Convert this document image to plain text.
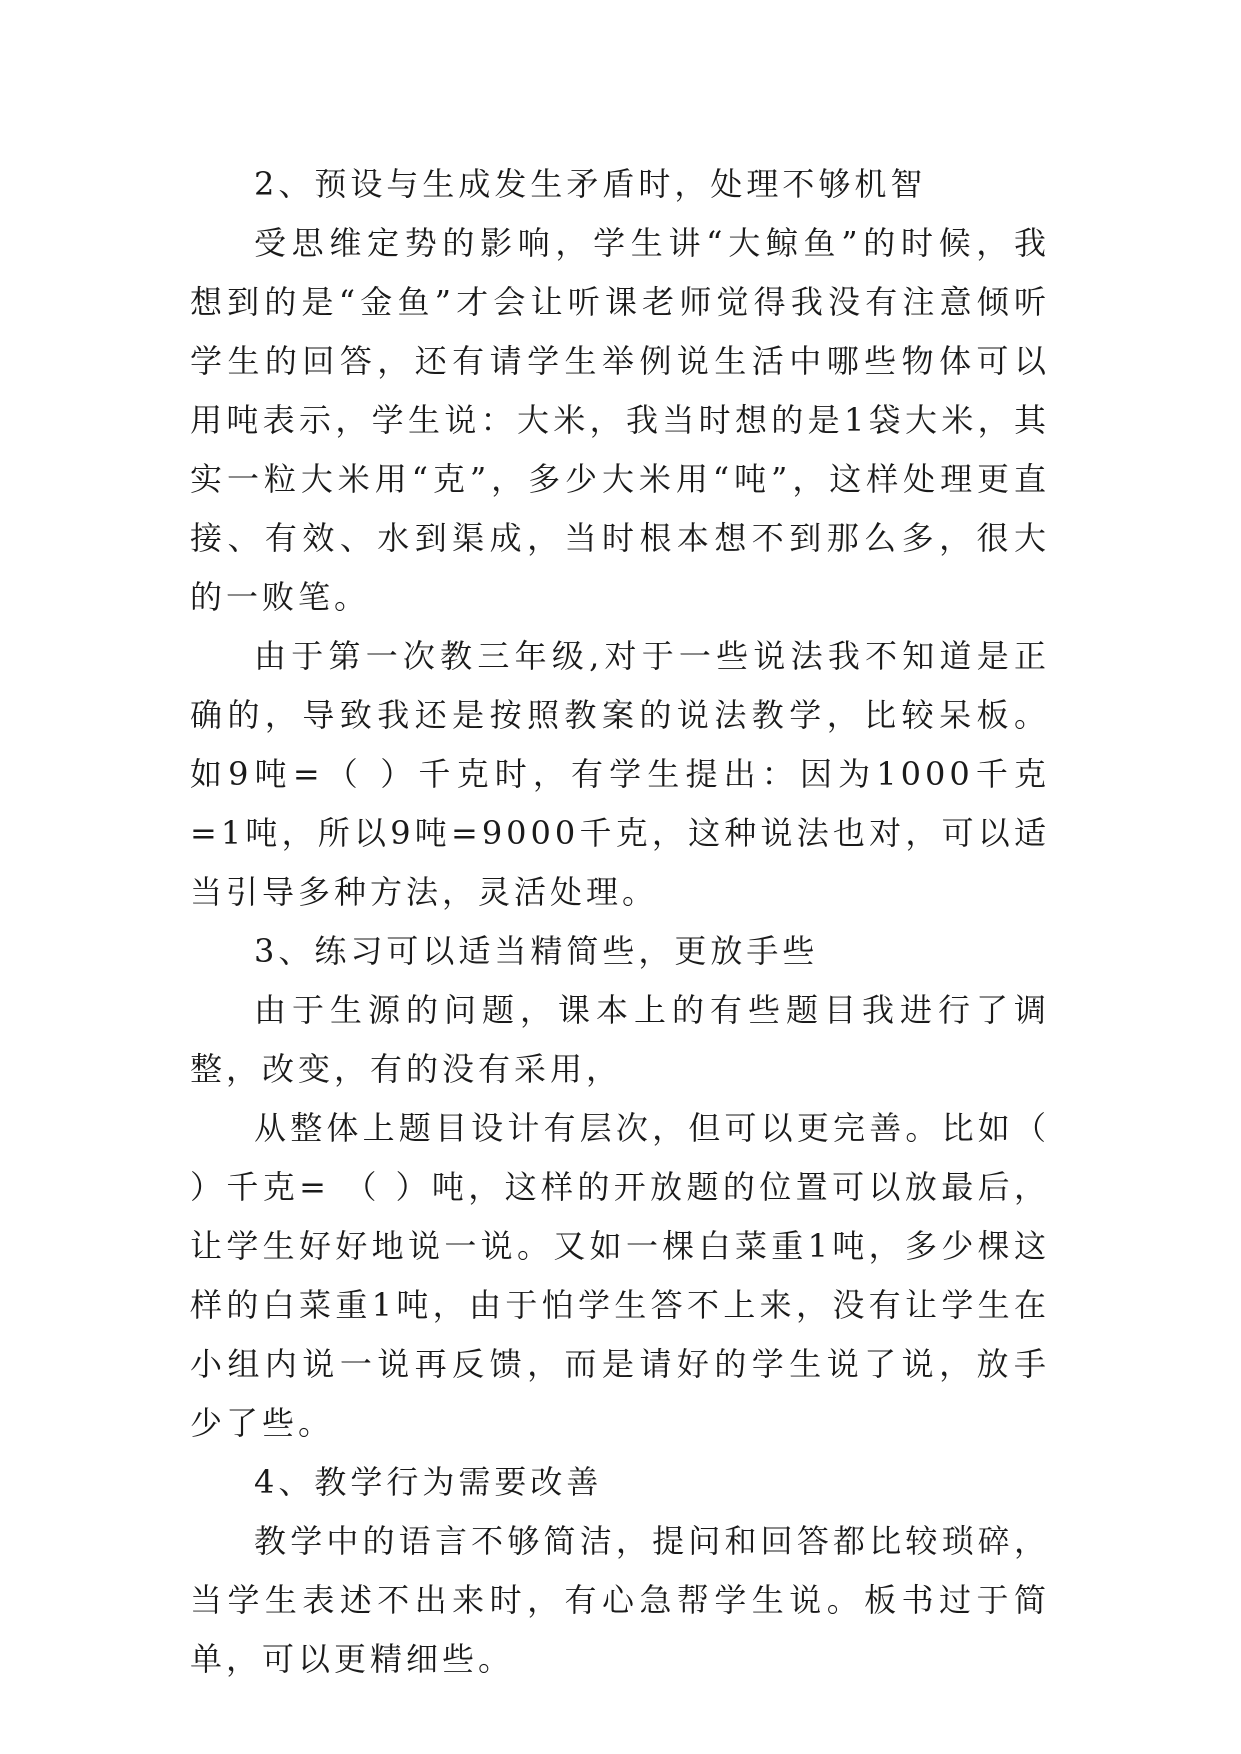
2、预设与生成发生矛盾时，处理不够机智

受思维定势的影响，学生讲“大鲸鱼”的时候，我想到的是“金鱼”才会让听课老师觉得我没有注意倾听学生的回答，还有请学生举例说生活中哪些物体可以用吨表示，学生说：大米，我当时想的是1袋大米，其实一粒大米用“克”，多少大米用“吨”，这样处理更直接、有效、水到渠成，当时根本想不到那么多，很大的一败笔。

由于第一次教三年级,对于一些说法我不知道是正确的，导致我还是按照教案的说法教学，比较呆板。如9吨=（ ）千克时，有学生提出：因为1000千克=1吨，所以9吨=9000千克，这种说法也对，可以适当引导多种方法，灵活处理。

3、练习可以适当精简些，更放手些

由于生源的问题，课本上的有些题目我进行了调整，改变，有的没有采用，

从整体上题目设计有层次，但可以更完善。比如（ ）千克= （ ）吨，这样的开放题的位置可以放最后，让学生好好地说一说。又如一棵白菜重1吨，多少棵这样的白菜重1吨，由于怕学生答不上来，没有让学生在小组内说一说再反馈，而是请好的学生说了说，放手少了些。

4、教学行为需要改善

教学中的语言不够简洁，提问和回答都比较琐碎，当学生表述不出来时，有心急帮学生说。板书过于简单，可以更精细些。
